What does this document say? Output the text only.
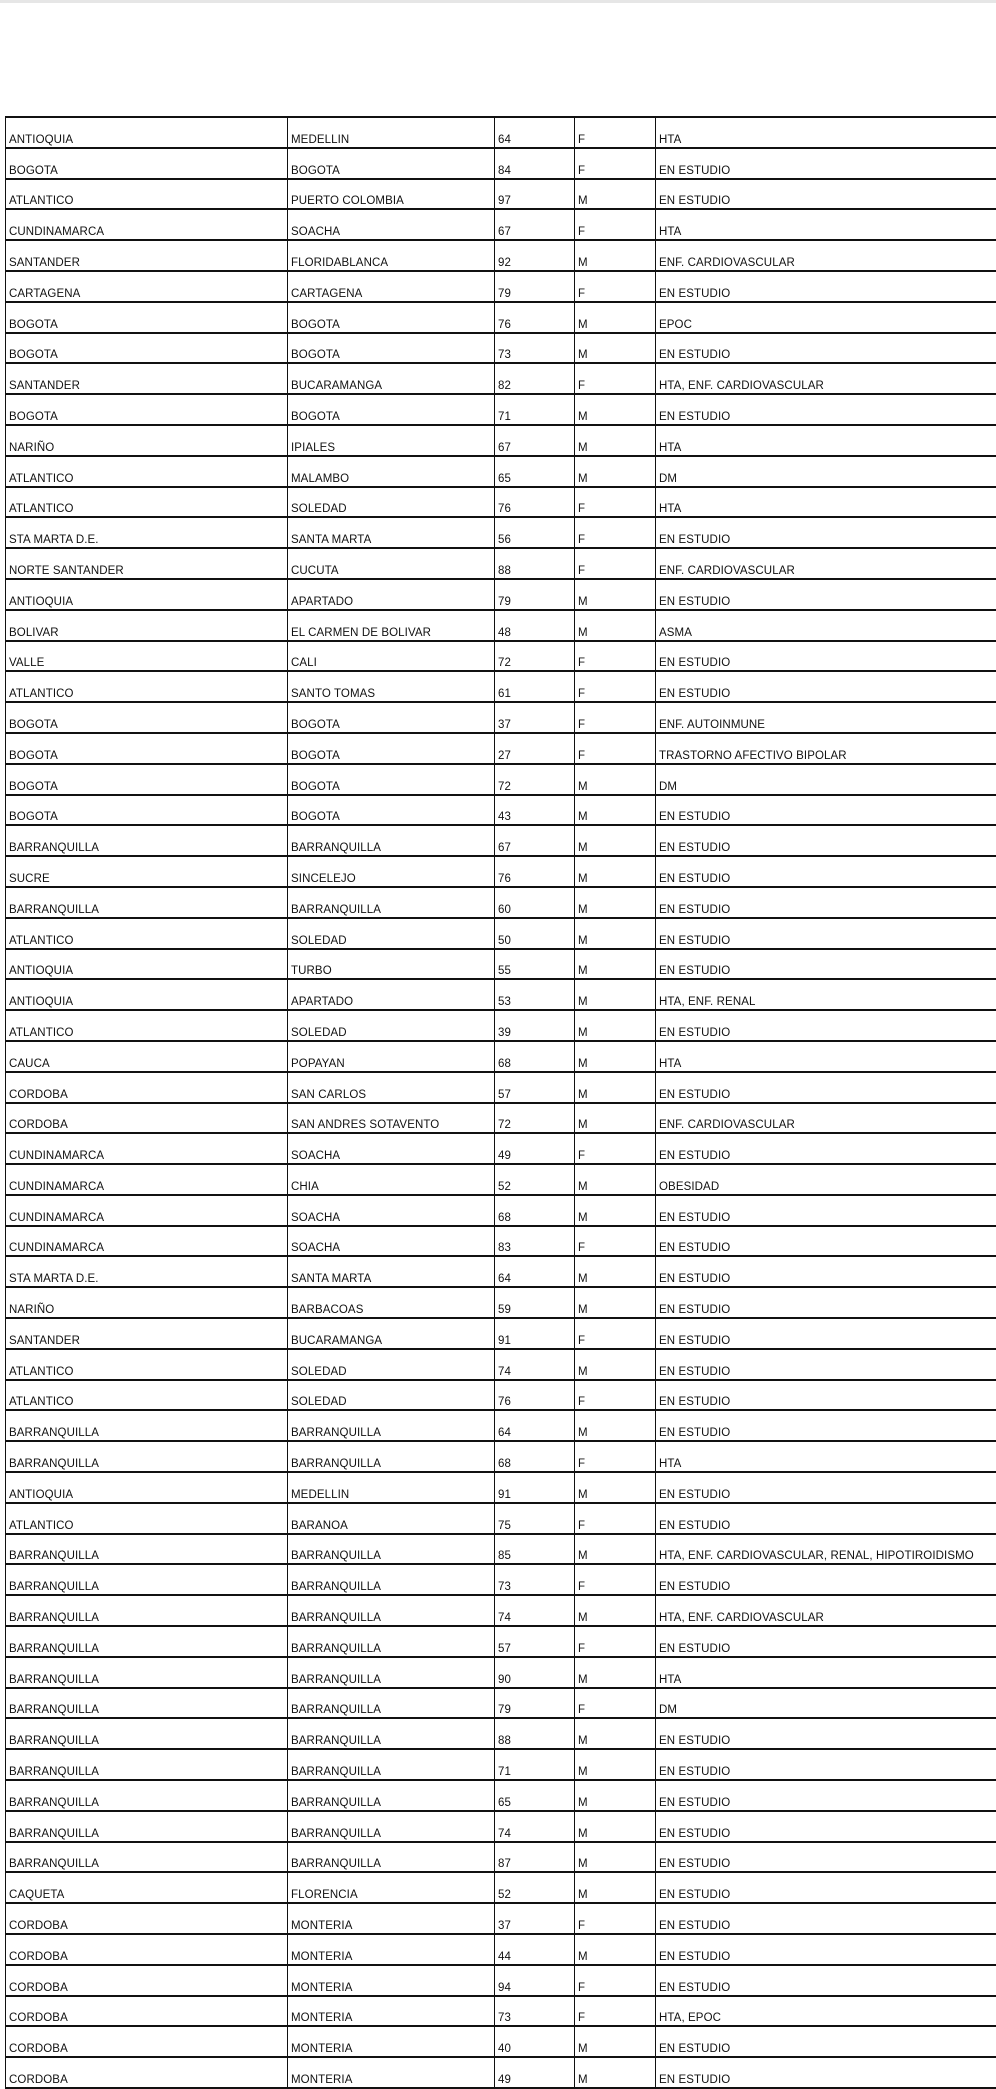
ANTIOQUIA	MEDELLIN	64	F	HTA
BOGOTA	BOGOTA	84	F	EN ESTUDIO
ATLANTICO	PUERTO COLOMBIA	97	M	EN ESTUDIO
CUNDINAMARCA	SOACHA	67	F	HTA
SANTANDER	FLORIDABLANCA	92	M	ENF. CARDIOVASCULAR
CARTAGENA	CARTAGENA	79	F	EN ESTUDIO
BOGOTA	BOGOTA	76	M	EPOC
BOGOTA	BOGOTA	73	M	EN ESTUDIO
SANTANDER	BUCARAMANGA	82	F	HTA, ENF. CARDIOVASCULAR
BOGOTA	BOGOTA	71	M	EN ESTUDIO
NARIÑO	IPIALES	67	M	HTA
ATLANTICO	MALAMBO	65	M	DM
ATLANTICO	SOLEDAD	76	F	HTA
STA MARTA D.E.	SANTA MARTA	56	F	EN ESTUDIO
NORTE SANTANDER	CUCUTA	88	F	ENF. CARDIOVASCULAR
ANTIOQUIA	APARTADO	79	M	EN ESTUDIO
BOLIVAR	EL CARMEN DE BOLIVAR	48	M	ASMA
VALLE	CALI	72	F	EN ESTUDIO
ATLANTICO	SANTO TOMAS	61	F	EN ESTUDIO
BOGOTA	BOGOTA	37	F	ENF. AUTOINMUNE
BOGOTA	BOGOTA	27	F	TRASTORNO AFECTIVO BIPOLAR
BOGOTA	BOGOTA	72	M	DM
BOGOTA	BOGOTA	43	M	EN ESTUDIO
BARRANQUILLA	BARRANQUILLA	67	M	EN ESTUDIO
SUCRE	SINCELEJO	76	M	EN ESTUDIO
BARRANQUILLA	BARRANQUILLA	60	M	EN ESTUDIO
ATLANTICO	SOLEDAD	50	M	EN ESTUDIO
ANTIOQUIA	TURBO	55	M	EN ESTUDIO
ANTIOQUIA	APARTADO	53	M	HTA, ENF. RENAL
ATLANTICO	SOLEDAD	39	M	EN ESTUDIO
CAUCA	POPAYAN	68	M	HTA
CORDOBA	SAN CARLOS	57	M	EN ESTUDIO
CORDOBA	SAN ANDRES SOTAVENTO	72	M	ENF. CARDIOVASCULAR
CUNDINAMARCA	SOACHA	49	F	EN ESTUDIO
CUNDINAMARCA	CHIA	52	M	OBESIDAD
CUNDINAMARCA	SOACHA	68	M	EN ESTUDIO
CUNDINAMARCA	SOACHA	83	F	EN ESTUDIO
STA MARTA D.E.	SANTA MARTA	64	M	EN ESTUDIO
NARIÑO	BARBACOAS	59	M	EN ESTUDIO
SANTANDER	BUCARAMANGA	91	F	EN ESTUDIO
ATLANTICO	SOLEDAD	74	M	EN ESTUDIO
ATLANTICO	SOLEDAD	76	F	EN ESTUDIO
BARRANQUILLA	BARRANQUILLA	64	M	EN ESTUDIO
BARRANQUILLA	BARRANQUILLA	68	F	HTA
ANTIOQUIA	MEDELLIN	91	M	EN ESTUDIO
ATLANTICO	BARANOA	75	F	EN ESTUDIO
BARRANQUILLA	BARRANQUILLA	85	M	HTA, ENF. CARDIOVASCULAR, RENAL, HIPOTIROIDISMO
BARRANQUILLA	BARRANQUILLA	73	F	EN ESTUDIO
BARRANQUILLA	BARRANQUILLA	74	M	HTA, ENF. CARDIOVASCULAR
BARRANQUILLA	BARRANQUILLA	57	F	EN ESTUDIO
BARRANQUILLA	BARRANQUILLA	90	M	HTA
BARRANQUILLA	BARRANQUILLA	79	F	DM
BARRANQUILLA	BARRANQUILLA	88	M	EN ESTUDIO
BARRANQUILLA	BARRANQUILLA	71	M	EN ESTUDIO
BARRANQUILLA	BARRANQUILLA	65	M	EN ESTUDIO
BARRANQUILLA	BARRANQUILLA	74	M	EN ESTUDIO
BARRANQUILLA	BARRANQUILLA	87	M	EN ESTUDIO
CAQUETA	FLORENCIA	52	M	EN ESTUDIO
CORDOBA	MONTERIA	37	F	EN ESTUDIO
CORDOBA	MONTERIA	44	M	EN ESTUDIO
CORDOBA	MONTERIA	94	F	EN ESTUDIO
CORDOBA	MONTERIA	73	F	HTA, EPOC
CORDOBA	MONTERIA	40	M	EN ESTUDIO
CORDOBA	MONTERIA	49	M	EN ESTUDIO
